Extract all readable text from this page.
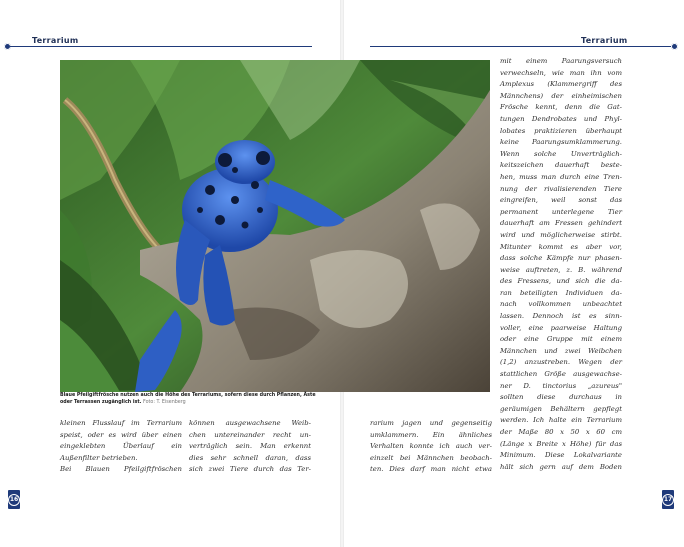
Terrarium	Terrarium
Blaue Pfeilgiftfrösche nutzen auch die Höhe des Terrariums, sofern diese durch Pflanzen, Äste
oder Terrassen zugänglich ist. Foto: T. Eisenberg
kleinen Flusslauf im Terrarium
speist, oder es wird über einen
eingeklebten Überlauf ein
Außenfilter betrieben.
Bei Blauen Pfeilgiftfröschen
können ausgewachsene Weib-
chen untereinander recht un-
verträglich sein. Man erkennt
dies sehr schnell daran, dass
sich zwei Tiere durch das Ter-
rarium jagen und gegenseitig
umklammern. Ein ähnliches
Verhalten konnte ich auch ver-
einzelt bei Männchen beobach-
ten. Dies darf man nicht etwa
mit einem Paarungsversuch
verwechseln, wie man ihn vom
Amplexus (Klammergriff des
Männchens) der einheimischen
Frösche kennt, denn die Gat-
tungen Dendrobates und Phyl-
lobates praktizieren überhaupt
keine Paarungsumklammerung.
Wenn solche Unverträglich-
keitszeichen dauerhaft beste-
hen, muss man durch eine Tren-
nung der rivalisierenden Tiere
eingreifen, weil sonst das
permanent unterlegene Tier
dauerhaft am Fressen gehindert
wird und möglicherweise stirbt.
Mitunter kommt es aber vor,
dass solche Kämpfe nur phasen-
weise auftreten, z. B. während
des Fressens, und sich die da-
ran beteiligten Individuen da-
nach vollkommen unbeachtet
lassen. Dennoch ist es sinn-
voller, eine paarweise Haltung
oder eine Gruppe mit einem
Männchen und zwei Weibchen
(1,2) anzustreben. Wegen der
stattlichen Größe ausgewachse-
ner D. tinctorius „azureus"
sollten diese durchaus in
geräumigen Behältern gepflegt
werden. Ich halte ein Terrarium
der Maße 80 x 50 x 60 cm
(Länge x Breite x Höhe) für das
Minimum. Diese Lokalvariante
hält sich gern auf dem Boden
16	17
